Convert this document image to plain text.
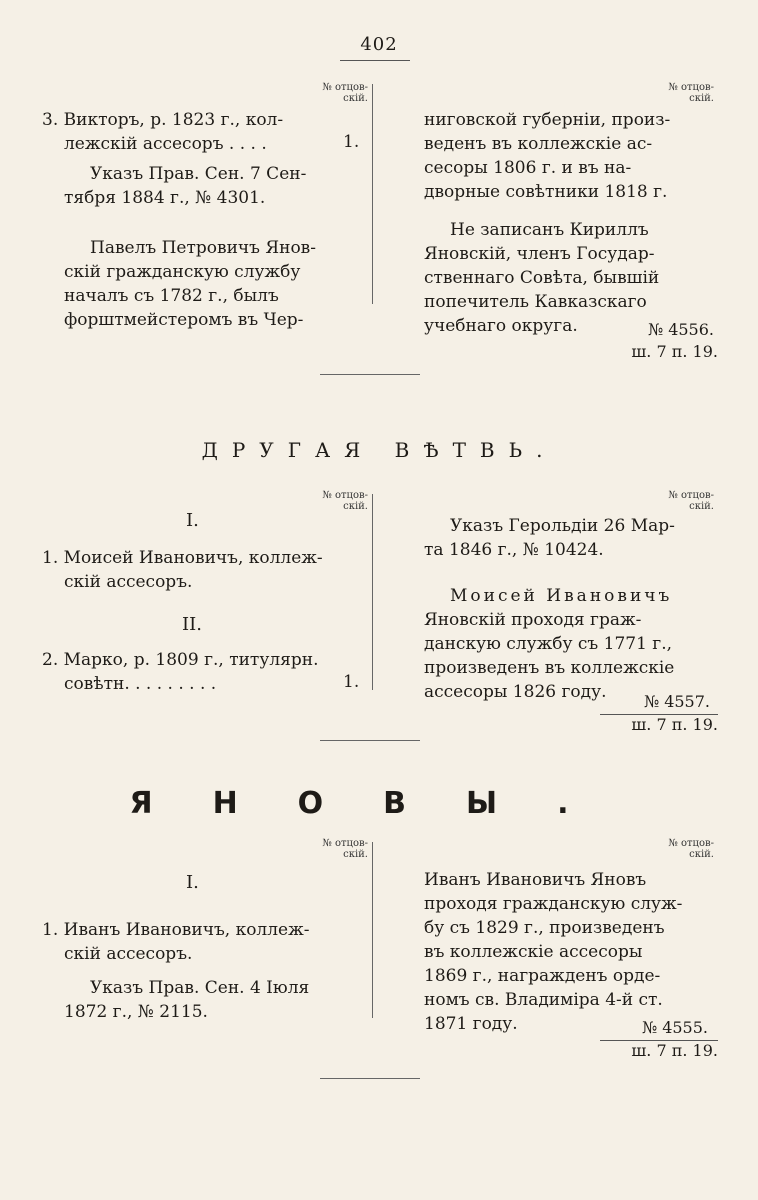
402
№ отцов-
скій.
№ отцов-
скій.
3. Викторъ, р. 1823 г., кол-
лежскій ассесоръ . . . .
Указъ Прав. Сен. 7 Сен-
тября 1884 г., № 4301.
Павелъ Петровичъ Янов-
скій гражданскую службу
началъ съ 1782 г., былъ
форштмейстеромъ въ Чер-
1.
ниговской губерніи, произ-
веденъ въ коллежскіе ас-
сесоры 1806 г. и въ на-
дворные совѣтники 1818 г.
Не записанъ Кириллъ
Яновскій, членъ Государ-
ственнаго Совѣта, бывшій
попечитель Кавказскаго
учебнаго округа.	№ 4556.
ш. 7 п. 19.
ДРУГАЯ ВѢТВЬ.
№ отцов-
скій.
№ отцов-
скій.
I.
1. Моисей Ивановичъ, коллеж-
скій ассесоръ.
II.
2. Марко, р. 1809 г., титулярн.
совѣтн. . . . . . . . .	1.
Указъ Герольдіи 26 Мар-
та 1846 г., № 10424.
Моисей Ивановичъ
Яновскій проходя граж-
данскую службу съ 1771 г.,
произведенъ въ коллежскіе
ассесоры 1826 году.	№ 4557.
ш. 7 п. 19.
ЯНОВЫ.
№ отцов-
скій.
№ отцов-
скій.
I.
1. Иванъ Ивановичъ, коллеж-
скій ассесоръ.
Указъ Прав. Сен. 4 Іюля
1872 г., № 2115.
Иванъ Ивановичъ Яновъ
проходя гражданскую служ-
бу съ 1829 г., произведенъ
въ коллежскіе ассесоры
1869 г., награжденъ орде-
номъ св. Владиміра 4-й ст.
1871 году.	№ 4555.
ш. 7 п. 19.
